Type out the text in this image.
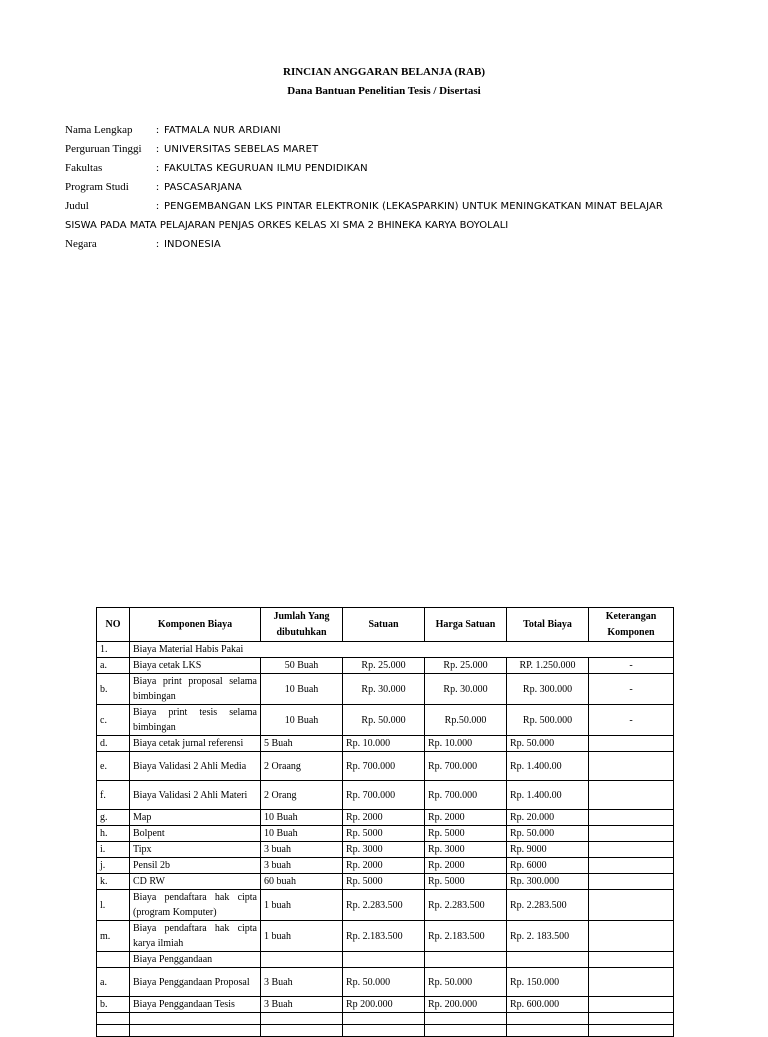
RINCIAN ANGGARAN BELANJA (RAB)
Dana Bantuan Penelitian Tesis / Disertasi
Nama Lengkap : FATMALA NUR ARDIANI
Perguruan Tinggi : UNIVERSITAS SEBELAS MARET
Fakultas	: FAKULTAS KEGURUAN ILMU PENDIDIKAN
Program Studi : PASCASARJANA
Judul	: PENGEMBANGAN LKS PINTAR ELEKTRONIK (LEKASPARKIN) UNTUK MENINGKATKAN MINAT BELAJAR
SISWA PADA MATA PELAJARAN PENJAS ORKES KELAS XI SMA 2 BHINEKA KARYA BOYOLALI
Negara	: INDONESIA
NO	Komponen Biaya	Jumlah Yang dibutuhkan	Satuan	Harga Satuan	Total Biaya	Keterangan Komponen
1.	Biaya Material Habis Pakai					
a.	Biaya cetak LKS	50 Buah	Rp. 25.000	Rp. 25.000	RP. 1.250.000	-
b.	Biaya print proposal selama bimbingan	10 Buah	Rp. 30.000	Rp. 30.000	Rp. 300.000	-
c.	Biaya print tesis selama bimbingan	10 Buah	Rp. 50.000	Rp.50.000	Rp. 500.000	-
d.	Biaya cetak jurnal referensi	5 Buah	Rp. 10.000	Rp. 10.000	Rp. 50.000	
e.	Biaya Validasi 2 Ahli Media	2 Oraang	Rp. 700.000	Rp. 700.000	Rp. 1.400.00	
f.	Biaya Validasi 2 Ahli Materi	2 Orang	Rp. 700.000	Rp. 700.000	Rp. 1.400.00	
g.	Map	10 Buah	Rp. 2000	Rp. 2000	Rp. 20.000	
h.	Bolpent	10 Buah	Rp. 5000	Rp. 5000	Rp. 50.000	
i.	Tipx	3 buah	Rp. 3000	Rp. 3000	Rp. 9000	
j.	Pensil 2b	3 buah	Rp. 2000	Rp. 2000	Rp. 6000	
k.	CD RW	60 buah	Rp. 5000	Rp. 5000	Rp. 300.000	
l.	Biaya pendaftara hak cipta (program Komputer)	1 buah	Rp. 2.283.500	Rp. 2.283.500	Rp. 2.283.500	
m.	Biaya pendaftara hak cipta karya ilmiah	1 buah	Rp. 2.183.500	Rp. 2.183.500	Rp. 2. 183.500	
	Biaya Penggandaan					
a.	Biaya Penggandaan Proposal	3 Buah	Rp. 50.000	Rp. 50.000	Rp. 150.000	
b.	Biaya Penggandaan Tesis	3 Buah	Rp 200.000	Rp. 200.000	Rp. 600.000	
